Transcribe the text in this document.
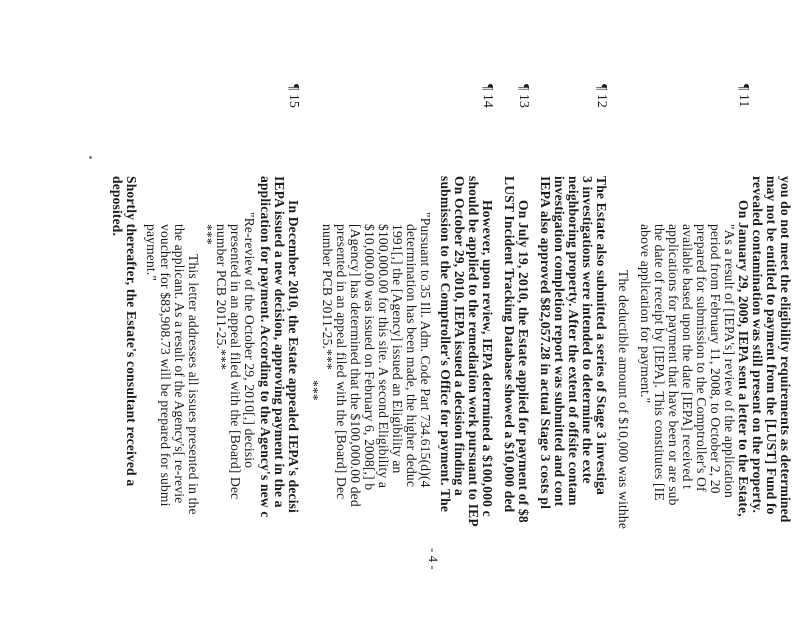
you do not meet the eligibility requirements as determined
may not be entitled to payment from the [LUST] Fund fo
revealed contamination was still present on the property.
On January 29, 2009, IEPA sent a letter to the Estate,
"As a result of [IEPA's] review of the application
period from February 11, 2008, to October 2, 20
prepared for submission to the Comptroller's Of
available based upon the date [IEPA] received t
applications for payment that have been or are sub
the date of receipt by [IEPA]. This constitutes [IE
above application for payment."
The deductible amount of $10,000 was withhe
The Estate also submitted a series of Stage 3 investiga
3 investigations were intended to determine the exte
neighboring property. After the extent of offsite contam
investigation completion report was submitted and cont
IEPA also approved $82,057.28 in actual Stage 3 costs pl
On July 19, 2010, the Estate applied for payment of $8
LUST Incident Tracking Database showed a $10,000 ded
However, upon review, IEPA determined a $100,000 c
should be applied to the remediation work pursuant to IEP
On October 29, 2010, IEPA issued a decision finding a
submission to the Comptroller's Office for payment. The
"Pursuant to 35 Ill. Adm. Code Part 734.615(d)(4
determination has been made, the higher deduc
1991[,] the [Agency] issued an Eligibility an
$100,000.00 for this site. A second Eligibility a
$10,000.00 was issued on February 6, 2008[,] b
[Agency] has determined that the $100,000.00 ded
presented in an appeal filed with the [Board] Dec
number PCB 2011-25.***
***
In December 2010, the Estate appealed IEPA's decisi
IEPA issued a new decision, approving payment in the a
application for payment. According to the Agency's new c
"Re-review of the October 29, 2010[,] decisio
presented in an appeal filed with the [Board] Dec
number PCB 2011-25.***
***
This letter addresses all issues presented in the
the applicant. As a result of the Agency's[ re-revie
voucher for $83,908.73 will be prepared for submi
payment."
Shortly thereafter, the Estate's consultant received a
deposited.
¶ 11
¶ 12
¶ 13
¶ 14
¶ 15
- 4 -
